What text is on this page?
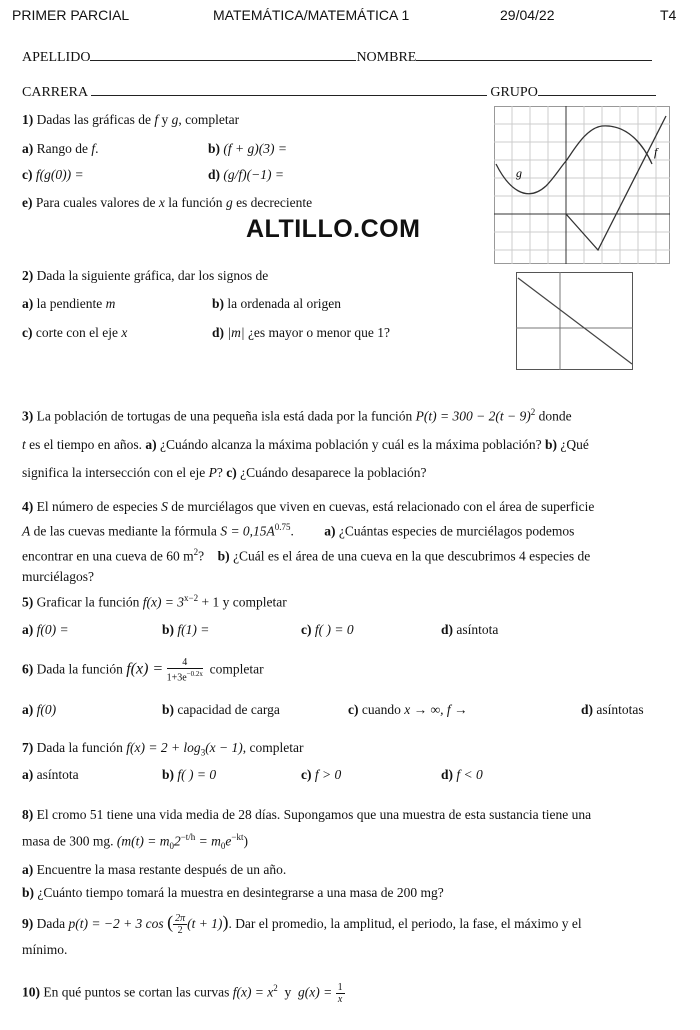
PRIMER PARCIAL	MATEMÁTICA/MATEMÁTICA 1	29/04/22	T4
APELLIDO	NOMBRE
CARRERA	GRUPO
1) Dadas las gráficas de f y g, completar
a) Rango de f.	b) (f + g)(3) =
c) f(g(0)) =	d) (g/f)(−1) =
e) Para cuales valores de x la función g es decreciente
g
f
ALTILLO.COM
2) Dada la siguiente gráfica, dar los signos de
a) la pendiente m	b) la ordenada al origen
c) corte con el eje x	d) |m| ¿es mayor o menor que 1?
3) La población de tortugas de una pequeña isla está dada por la función $P(t) = 300 - 2(t - 9)^2$ donde
t es el tiempo en años. a) ¿Cuándo alcanza la máxima población y cuál es la máxima población? b) ¿Qué
significa la intersección con el eje P? c) ¿Cuándo desaparece la población?
4) El número de especies S de murciélagos que viven en cuevas, está relacionado con el área de superficie
A de las cuevas mediante la fórmula $S = 0,15A^{0.75}$. a) ¿Cuántas especies de murciélagos podemos
encontrar en una cueva de 60 $m^2$? b) ¿Cuál es el área de una cueva en la que descubrimos 4 especies de
murciélagos?
5) Graficar la función $f(x) = 3^{x-2} + 1$ y completar
a) f(0) =	b) f(1) =	c) f( ) = 0	d) asíntota
6) Dada la función $f(x) = \frac{4}{1+3e^{-0.2x}}$ completar
a) f(0)	b) capacidad de carga	c) cuando x → ∞, f →	d) asíntotas
7) Dada la función $f(x) = 2 + \log_3(x - 1)$, completar
a) asíntota	b) f( ) = 0	c) f > 0	d) f < 0
8) El cromo 51 tiene una vida media de 28 días. Supongamos que una muestra de esta sustancia tiene una
masa de 300 mg. $(m(t) = m_02^{-t/h} = m_0e^{-kt})$
a) Encuentre la masa restante después de un año.
b) ¿Cuánto tiempo tomará la muestra en desintegrarse a una masa de 200 mg?
9) Dada p(t) = −2 + 3 cos ( $\frac{2\pi}{2} (t + 1)$). Dar el promedio, la amplitud, el periodo, la fase, el máximo y el
mínimo.
10) En qué puntos se cortan las curvas $f(x) = x^2$ y $g(x) = \frac{1}{x}$
